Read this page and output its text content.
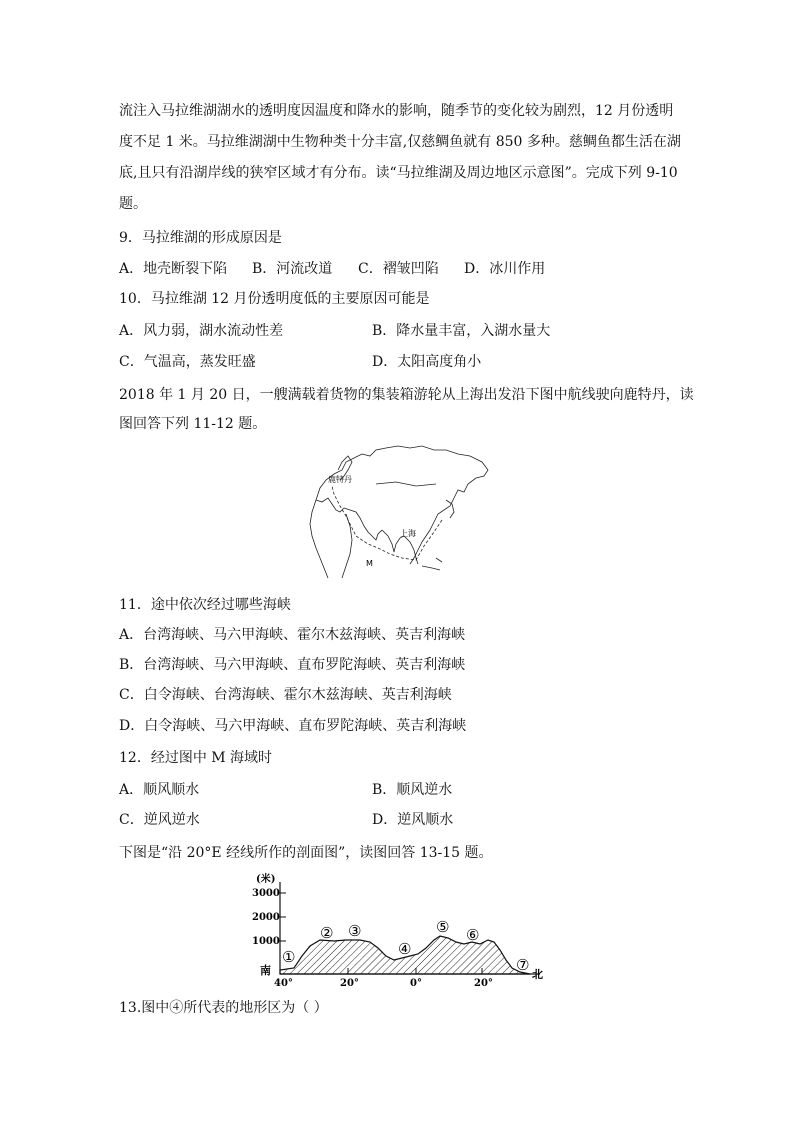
流注入马拉维湖湖水的透明度因温度和降水的影响，随季节的变化较为剧烈，12 月份透明
度不足 1 米。马拉维湖湖中生物种类十分丰富,仅慈鲷鱼就有 850 多种。慈鲷鱼都生活在湖
底,且只有沿湖岸线的狭窄区域才有分布。读“马拉维湖及周边地区示意图”。完成下列 9-10
题。
9．马拉维湖的形成原因是
A．地壳断裂下陷 B．河流改道 C．褶皱凹陷 D．冰川作用
10．马拉维湖 12 月份透明度低的主要原因可能是
A．风力弱，湖水流动性差	B．降水量丰富，入湖水量大
C．气温高，蒸发旺盛	D．太阳高度角小
2018 年 1 月 20 日，一艘满载着货物的集装箱游轮从上海出发沿下图中航线驶向鹿特丹，读
图回答下列 11-12 题。
鹿特丹
上海
M
11．途中依次经过哪些海峡
A．台湾海峡、马六甲海峡、霍尔木兹海峡、英吉利海峡
B．台湾海峡、马六甲海峡、直布罗陀海峡、英吉利海峡
C．白令海峡、台湾海峡、霍尔木兹海峡、英吉利海峡
D．白令海峡、马六甲海峡、直布罗陀海峡、英吉利海峡
12．经过图中 M 海域时
A．顺风顺水	B．顺风逆水
C．逆风逆水	D．逆风顺水
下图是“沿 20°E 经线所作的剖面图”，读图回答 13-15 题。
(米)
3000
2000
1000
南	北
40°	20°	0°	20°
①
② ③
④
⑤ ⑥
⑦
13.图中④所代表的地形区为（ ）
